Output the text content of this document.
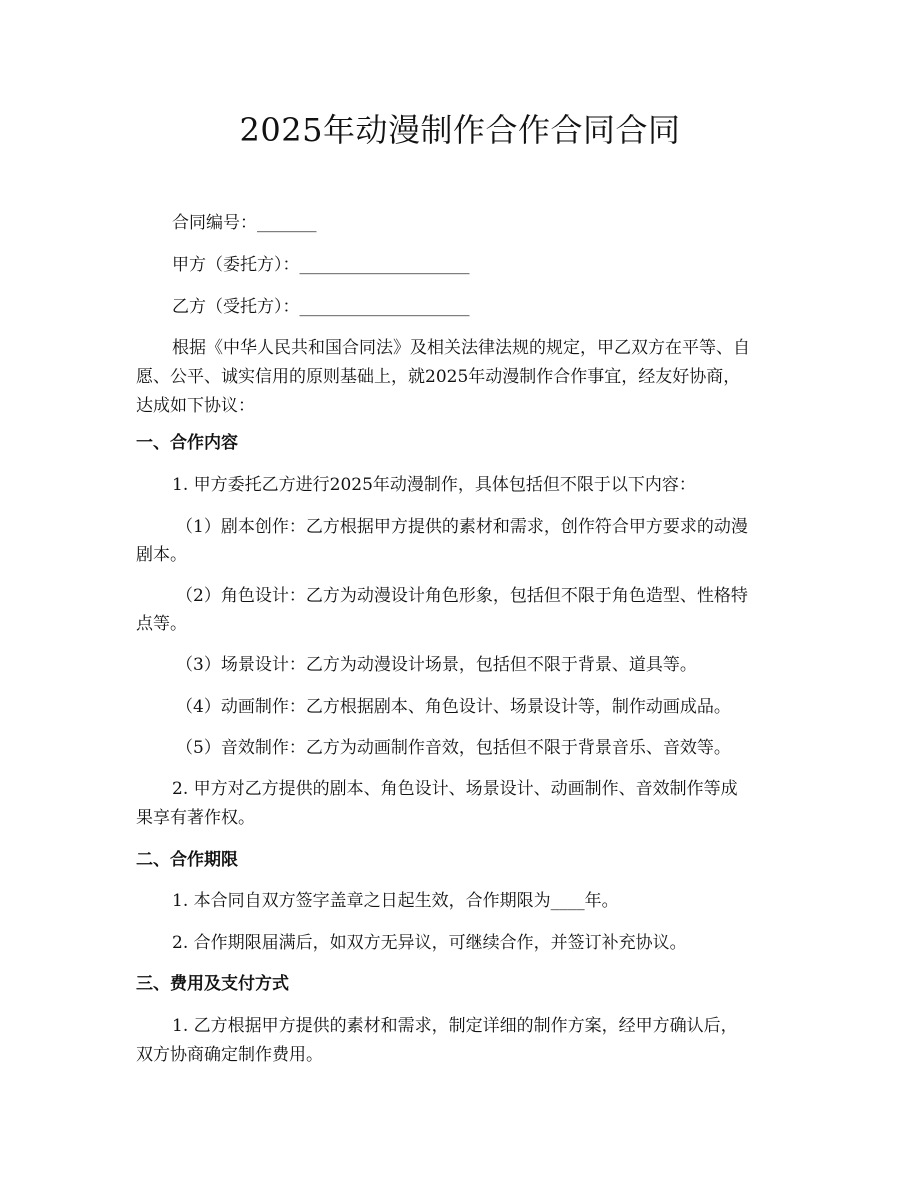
2025年动漫制作合作合同合同
合同编号：_______
甲方（委托方）：____________________
乙方（受托方）：____________________
根据《中华人民共和国合同法》及相关法律法规的规定，甲乙双方在平等、自
愿、公平、诚实信用的原则基础上，就2025年动漫制作合作事宜，经友好协商，
达成如下协议：
一、合作内容
1. 甲方委托乙方进行2025年动漫制作，具体包括但不限于以下内容：
（1）剧本创作：乙方根据甲方提供的素材和需求，创作符合甲方要求的动漫
剧本。
（2）角色设计：乙方为动漫设计角色形象，包括但不限于角色造型、性格特
点等。
（3）场景设计：乙方为动漫设计场景，包括但不限于背景、道具等。
（4）动画制作：乙方根据剧本、角色设计、场景设计等，制作动画成品。
（5）音效制作：乙方为动画制作音效，包括但不限于背景音乐、音效等。
2. 甲方对乙方提供的剧本、角色设计、场景设计、动画制作、音效制作等成
果享有著作权。
二、合作期限
1. 本合同自双方签字盖章之日起生效，合作期限为____年。
2. 合作期限届满后，如双方无异议，可继续合作，并签订补充协议。
三、费用及支付方式
1. 乙方根据甲方提供的素材和需求，制定详细的制作方案，经甲方确认后，
双方协商确定制作费用。
